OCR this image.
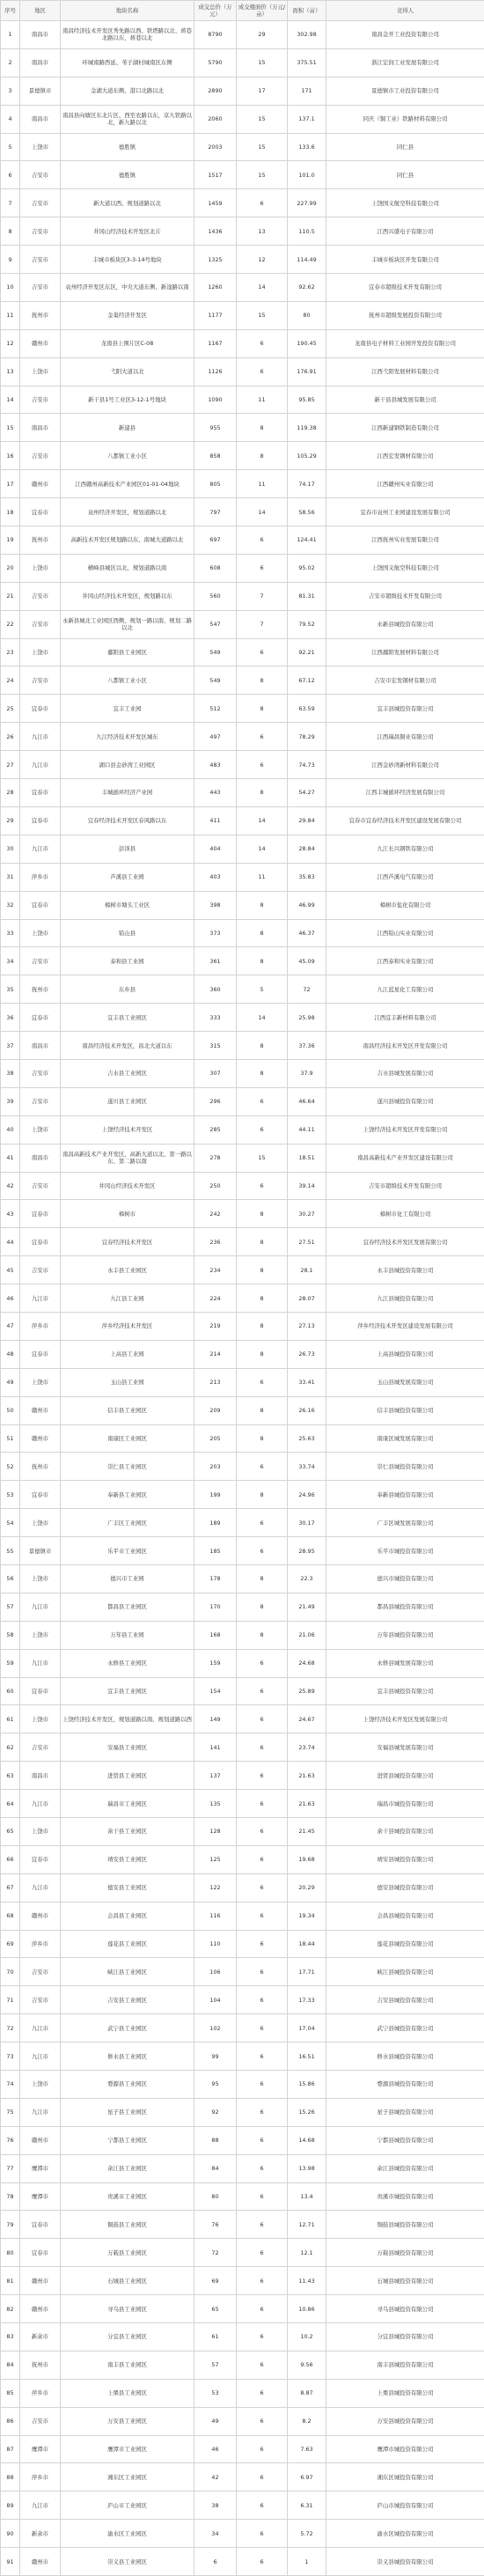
序号	地区	地块名称	成交总价（万元）	成交楼面价（万元/亩）	面积（亩）	竞得人
1	南昌市	南昌经济技术开发区秀先路以西、铁塔路以北、蒋巷北路以东，蒋巷以北	8790	29	302.98	南昌金开工业投资有限公司
2	南昌市	环城南路西延、苇子湖村城南区东侧	5790	15	375.51	浙江宏润工业发展有限公司
3	景德镇市	金湖大道东侧、港口北路以北	2890	17	171	景德镇市工业投资有限公司
4	南昌市	南昌县向塘区东北片区、西至农路以东，京九铁路以北，新九路以北	2060	15	137.1	同庆（铜工业）铁路材料有限公司
5	上饶市	德胜镇	2003	15	133.6	同仁县
6	吉安市	德胜镇	1517	15	101.0	同仁县
7	吉安市	新大道以西、规划道路以北	1459	6	227.99	上饶国义航空科技有限公司
8	吉安市	井冈山经济技术开发区北片	1436	13	110.5	江西兴盛电子有限公司
9	吉安市	丰城市板块区3-3-14号地块	1325	12	114.49	丰城市板块区开发有限公司
10	吉安市	袁州经济开发区东区，中央大道东侧、新淦路以南	1260	14	92.62	宜春市超级技术开发有限公司
11	抚州市	金巢经济开发区	1177	15	80	抚州市超级发展投资有限公司
12	赣州市	龙南县上围片区C-08	1167	6	190.45	龙南县电子材料工业园开发投资有限公司
13	上饶市	弋阳大道以北	1126	6	176.91	江西弋阳发展材料有限公司
14	吉安市	新干县1号工业区3-12-1号地块	1090	11	95.85	新干县县城发展有限公司
15	南昌市	新建县	955	8	119.38	江西新建钢铁制造有限公司
16	吉安市	八都镇工业小区	858	8	105.29	江西宏发钢材有限公司
17	赣州市	江西赣州高新技术产业园区01-01-04地块	805	11	74.17	江西赣州实业有限公司
18	宜春市	袁州经济开发区，规划道路以北	797	14	58.56	宜春市袁州工业园建设发展有限公司
19	抚州市	高新技术开发区规划路以东、南城大道路以北	697	6	124.41	江西抚州实业发展有限公司
20	上饶市	横峰县城区以北，规划道路以南	608	6	95.02	上饶国义航空科技有限公司
21	吉安市	井冈山经济技术开发区，规划路以东	560	7	81.31	吉安市超级技术开发有限公司
22	吉安市	永新县城北工业园区西侧，规划一路以南、规划二路以北	547	7	79.52	永新县城投资有限公司
23	上饶市	鄱阳县工业园区	549	6	92.21	江西鄱阳发展材料有限公司
24	吉安市	八都镇工业小区	549	8	67.12	吉安市宏发钢材有限公司
25	宜春市	宜丰工业园	512	8	63.59	宜丰县城投资有限公司
26	九江市	九江经济技术开发区城东	497	6	78.29	江西瑞昌铜业有限公司
27	九江市	湖口县金砂湾工业园区	483	6	74.73	江西金砂湾新材料有限公司
28	宜春市	丰城循环经济产业园	443	8	54.27	江西丰城循环经济发展有限公司
29	宜春市	宜春经济技术开发区春风路以东	411	14	29.84	宜春市宜春经济技术开发区建设发展有限公司
30	九江市	彭泽县	404	14	28.84	九江长兴钢铁有限公司
31	萍乡市	芦溪县工业园	403	11	35.83	江西芦溪电气有限公司
32	宜春市	樟树市塘头工业区	398	8	46.99	樟树市盐化有限公司
33	上饶市	铅山县	373	8	46.37	江西铅山实业有限公司
34	吉安市	泰和县工业园	361	8	45.09	江西泰和实业有限公司
35	抚州市	东乡县	360	5	72	九江蓝星化工有限公司
36	宜春市	宜丰县工业园区	333	14	25.98	江西宜丰新材料有限公司
37	南昌市	南昌经济技术开发区，昌北大道以东	315	8	37.36	南昌经济技术开发区开发有限公司
38	吉安市	吉水县工业园区	307	8	37.9	吉水县城发展有限公司
39	吉安市	遂川县工业园区	296	6	46.64	遂川县城投资有限公司
40	上饶市	上饶经济技术开发区	285	6	44.11	上饶经济技术开发区开发有限公司
41	南昌市	南昌高新技术产业开发区，高新大道以北、第一路以东、第二路以南	278	15	18.51	南昌高新技术产业开发区建设有限公司
42	吉安市	井冈山经济技术开发区	250	6	39.14	吉安市超级技术开发有限公司
43	宜春市	樟树市	242	8	30.27	樟树市化工有限公司
44	宜春市	宜春经济技术开发区	236	8	27.51	宜春经济技术开发区发展有限公司
45	吉安市	永丰县工业园区	234	8	28.1	永丰县城投资有限公司
46	九江市	九江县工业园	224	8	28.07	九江县城投资有限公司
47	萍乡市	萍乡经济技术开发区	219	8	27.13	萍乡经济技术开发区建设发展有限公司
48	宜春市	上高县工业园	214	8	26.73	上高县城投资有限公司
49	上饶市	玉山县工业园	213	6	33.41	玉山县城发展有限公司
50	赣州市	信丰县工业园区	209	8	26.16	信丰县城投资有限公司
51	赣州市	南康区工业园区	205	8	25.63	南康区城发展有限公司
52	抚州市	崇仁县工业园区	203	6	33.74	崇仁县城投资有限公司
53	宜春市	奉新县工业园区	199	8	24.96	奉新县城投资有限公司
54	上饶市	广丰区工业园区	189	6	30.17	广丰区城发展有限公司
55	景德镇市	乐平市工业园区	185	6	28.95	乐平市城投资有限公司
56	上饶市	德兴市工业园	178	8	22.3	德兴市城投资有限公司
57	九江市	都昌县工业园区	170	8	21.49	都昌县城投资有限公司
58	上饶市	万年县工业园	168	8	21.06	万年县城投资有限公司
59	九江市	永修县工业园区	159	6	24.68	永修县城发展有限公司
60	宜春市	宜丰县工业园区	154	6	25.89	宜丰县城投资有限公司
61	上饶市	上饶经济技术开发区，规划道路以南、规划道路以西	149	6	24.67	上饶经济技术开发区发展有限公司
62	吉安市	安福县工业园区	141	6	23.74	安福县城发展有限公司
63	南昌市	进贤县工业园区	137	6	21.63	进贤县城投资有限公司
64	九江市	瑞昌市工业园区	135	6	21.63	瑞昌市城投资有限公司
65	上饶市	余干县工业园区	128	6	21.45	余干县城投资有限公司
66	宜春市	靖安县工业园区	125	6	19.68	靖安县城投资有限公司
67	九江市	德安县工业园区	122	6	20.29	德安县城投资有限公司
68	赣州市	会昌县工业园区	116	6	19.34	会昌县城投资有限公司
69	萍乡市	莲花县工业园区	110	6	18.44	莲花县城投资有限公司
70	吉安市	峡江县工业园区	106	6	17.71	峡江县城投资有限公司
71	吉安市	吉安县工业园区	104	6	17.33	吉安县城投资有限公司
72	九江市	武宁县工业园区	102	6	17.04	武宁县城投资有限公司
73	九江市	修水县工业园区	99	6	16.51	修水县城投资有限公司
74	上饶市	婺源县工业园区	95	6	15.86	婺源县城投资有限公司
75	九江市	星子县工业园区	92	6	15.26	星子县城投资有限公司
76	赣州市	宁都县工业园区	88	6	14.68	宁都县城投资有限公司
77	鹰潭市	余江县工业园区	84	6	13.98	余江县城投资有限公司
78	鹰潭市	贵溪市工业园区	80	6	13.4	贵溪市城投资有限公司
79	宜春市	铜鼓县工业园区	76	6	12.71	铜鼓县城投资有限公司
80	宜春市	万载县工业园区	72	6	12.1	万载县城投资有限公司
81	赣州市	石城县工业园区	69	6	11.43	石城县城投资有限公司
82	赣州市	寻乌县工业园区	65	6	10.86	寻乌县城投资有限公司
83	新余市	分宜县工业园区	61	6	10.2	分宜县城投资有限公司
84	抚州市	南丰县工业园区	57	6	9.56	南丰县城投资有限公司
85	萍乡市	上栗县工业园区	53	6	8.87	上栗县城投资有限公司
86	吉安市	万安县工业园区	49	6	8.2	万安县城投资有限公司
87	鹰潭市	鹰潭市工业园区	46	6	7.63	鹰潭市城投资有限公司
88	萍乡市	湘东区工业园区	42	6	6.97	湘东区城投资有限公司
89	九江市	庐山市工业园区	38	6	6.31	庐山市城投资有限公司
90	新余市	渝水区工业园区	34	6	5.72	渝水区城投资有限公司
91	赣州市	崇义县工业园区	6	6	1	崇义县城投资有限公司
